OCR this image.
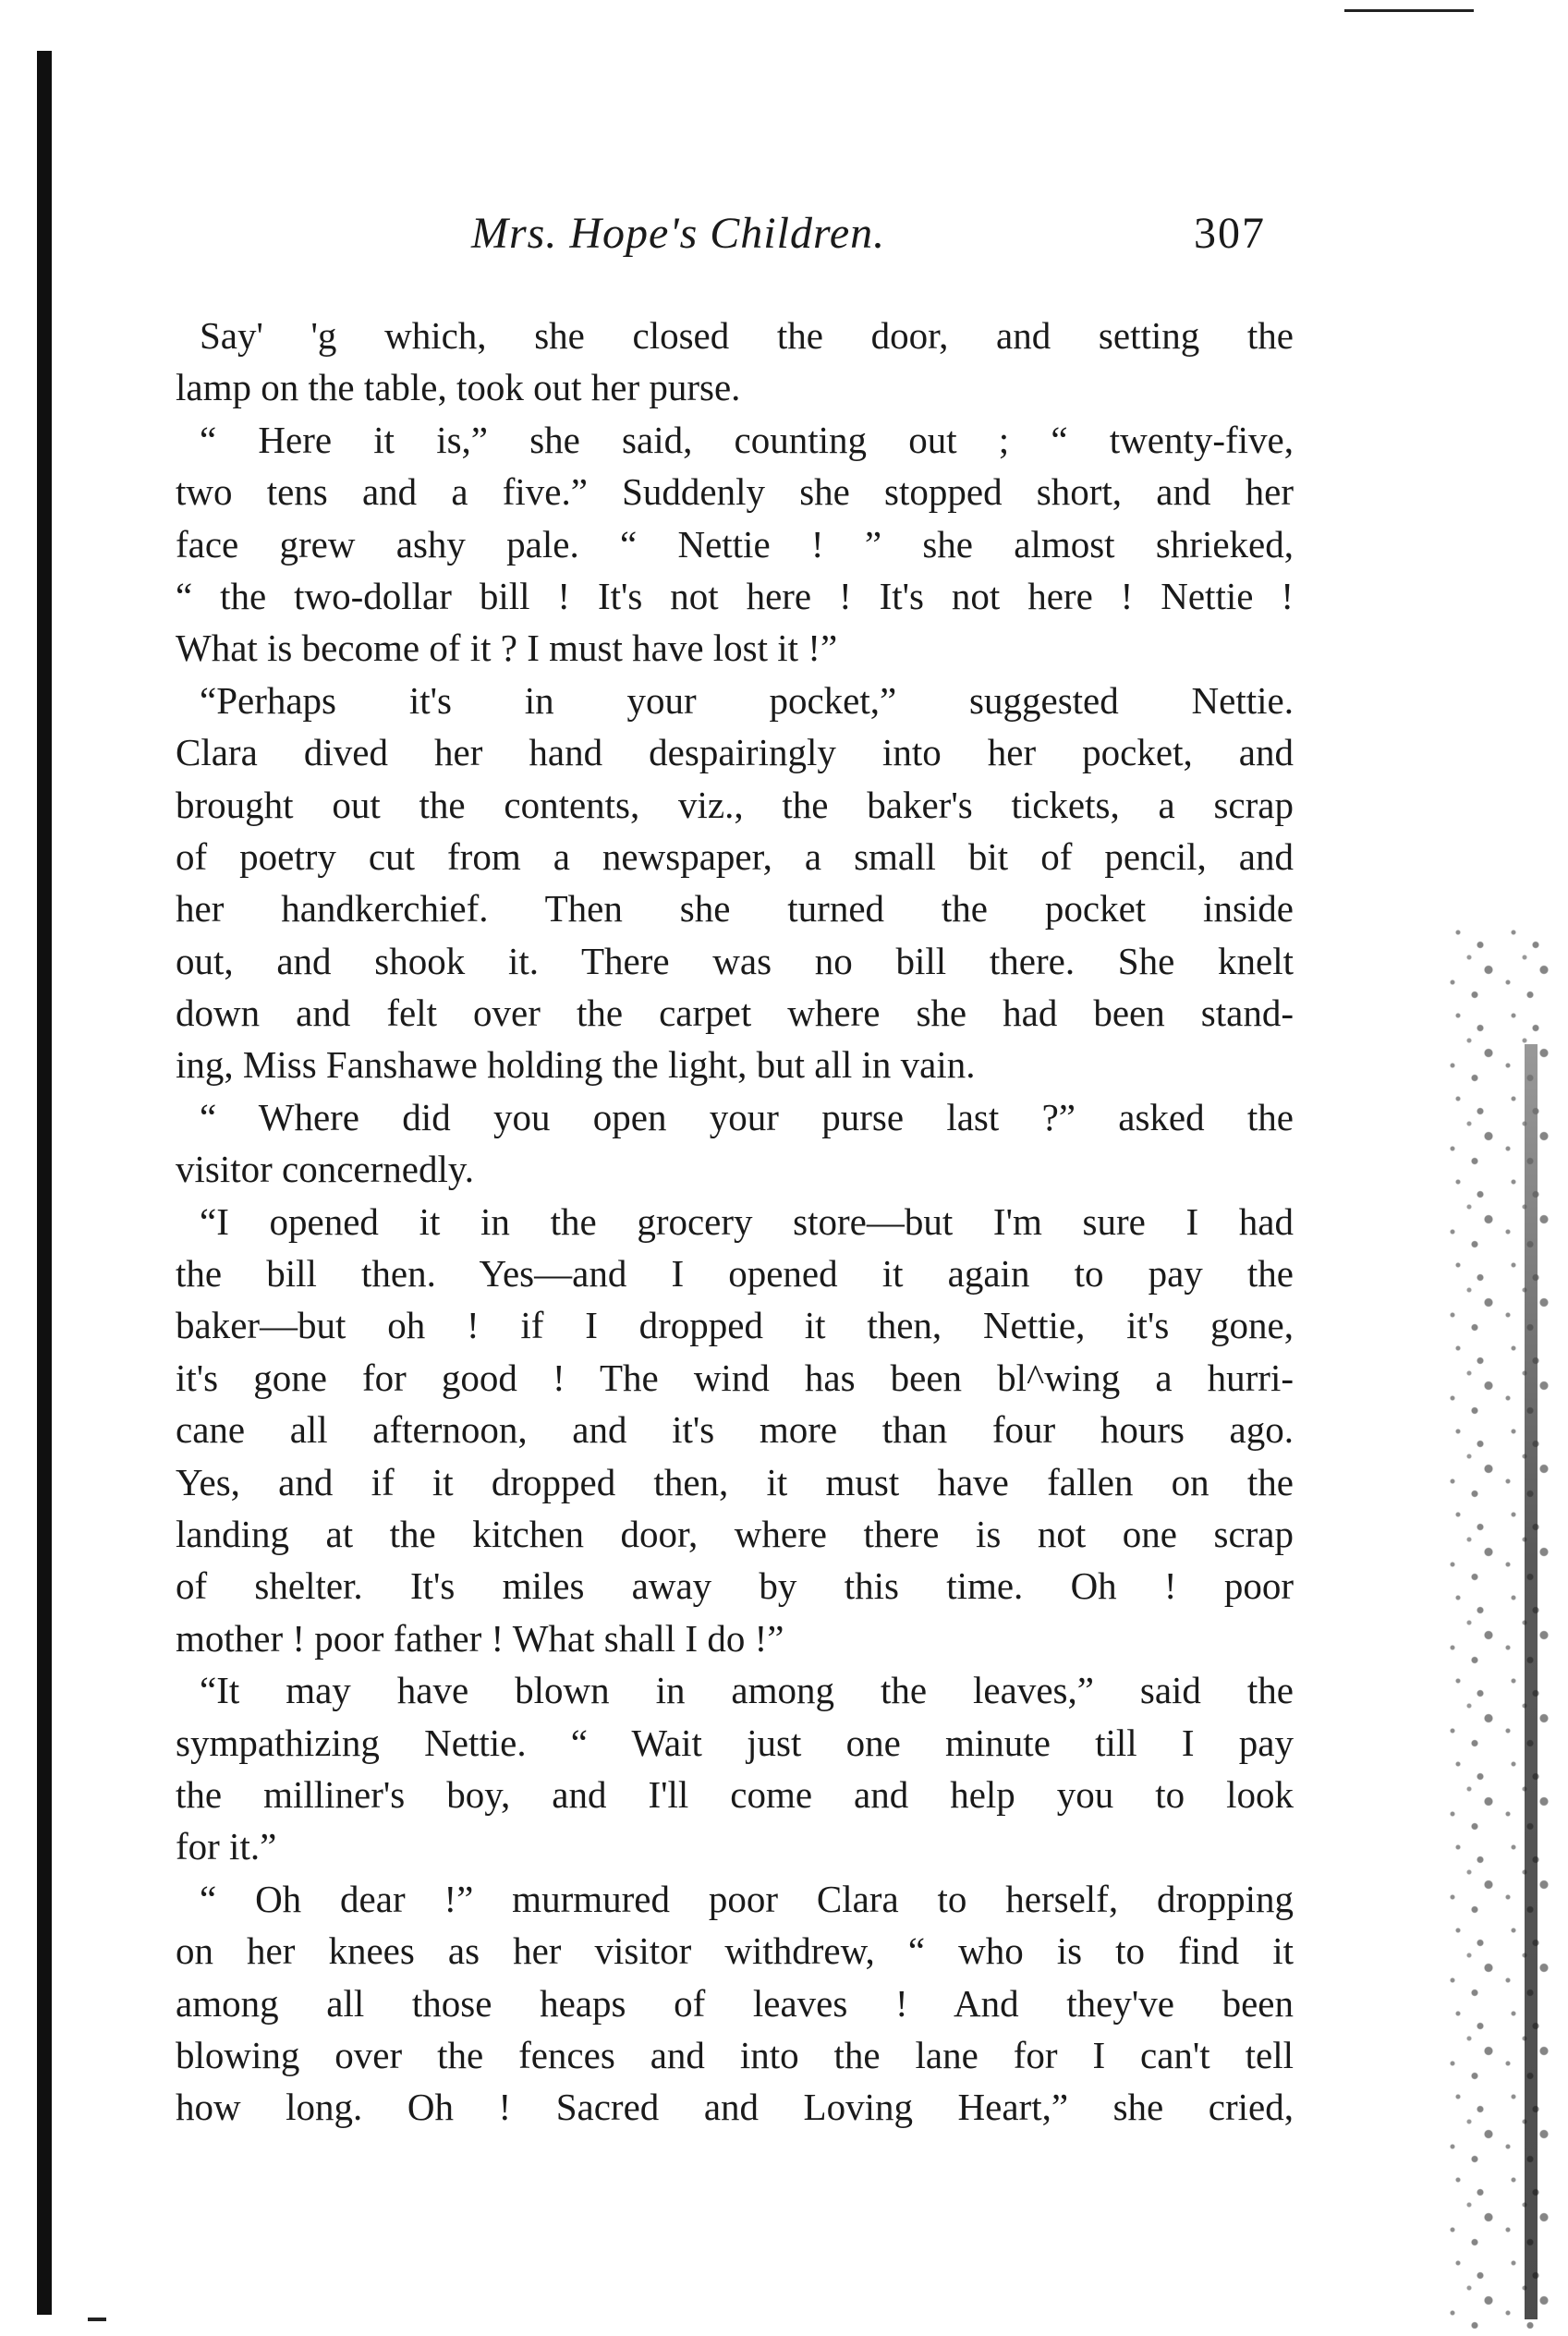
Mrs. Hope's Children.	307
Say' 'g which, she closed the door, and setting the
lamp on the table, took out her purse.
“ Here it is,” she said, counting out ; “ twenty-five,
two tens and a five.” Suddenly she stopped short, and her
face grew ashy pale. “ Nettie ! ” she almost shrieked,
“ the two-dollar bill ! It's not here ! It's not here ! Nettie !
What is become of it ? I must have lost it !”
“Perhaps it's in your pocket,” suggested Nettie.
Clara dived her hand despairingly into her pocket, and
brought out the contents, viz., the baker's tickets, a scrap
of poetry cut from a newspaper, a small bit of pencil, and
her handkerchief. Then she turned the pocket inside
out, and shook it. There was no bill there. She knelt
down and felt over the carpet where she had been stand-
ing, Miss Fanshawe holding the light, but all in vain.
“ Where did you open your purse last ?” asked the
visitor concernedly.
“I opened it in the grocery store—but I'm sure I had
the bill then. Yes—and I opened it again to pay the
baker—but oh ! if I dropped it then, Nettie, it's gone,
it's gone for good ! The wind has been bl^wing a hurri-
cane all afternoon, and it's more than four hours ago.
Yes, and if it dropped then, it must have fallen on the
landing at the kitchen door, where there is not one scrap
of shelter. It's miles away by this time. Oh ! poor
mother ! poor father ! What shall I do !”
“It may have blown in among the leaves,” said the
sympathizing Nettie. “ Wait just one minute till I pay
the milliner's boy, and I'll come and help you to look
for it.”
“ Oh dear !” murmured poor Clara to herself, dropping
on her knees as her visitor withdrew, “ who is to find it
among all those heaps of leaves ! And they've been
blowing over the fences and into the lane for I can't tell
how long. Oh ! Sacred and Loving Heart,” she cried,
